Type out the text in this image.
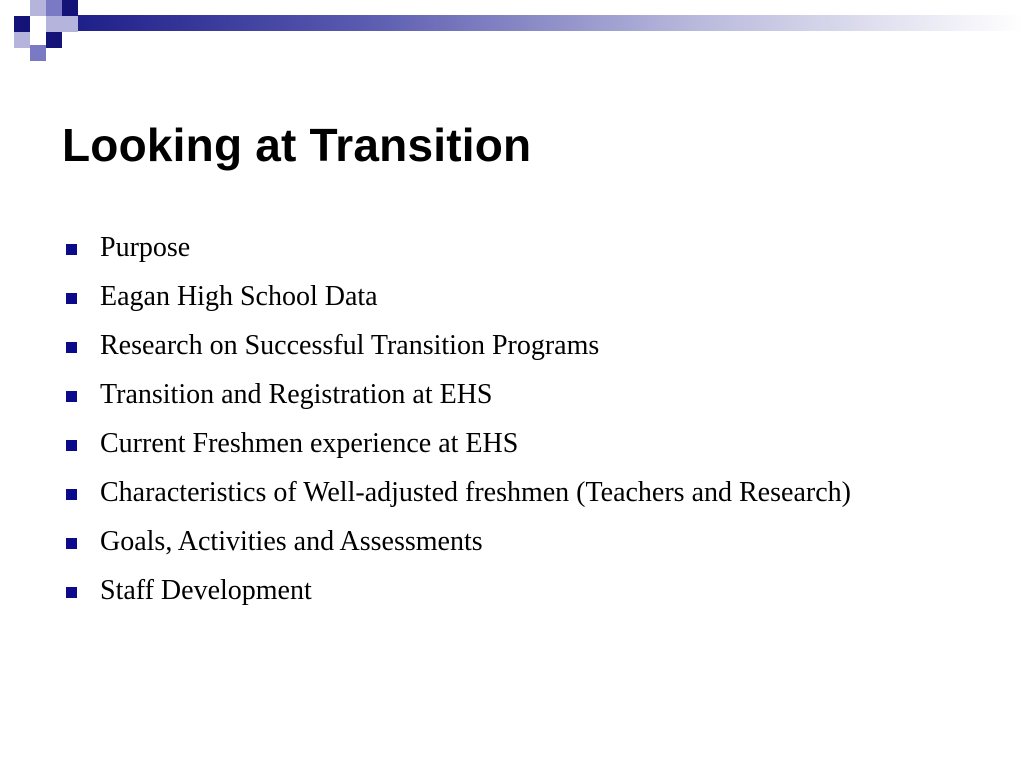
Looking at Transition
Purpose
Eagan High School Data
Research on Successful Transition Programs
Transition and Registration at EHS
Current Freshmen experience at EHS
Characteristics of Well-adjusted freshmen (Teachers and Research)
Goals, Activities and Assessments
Staff Development
